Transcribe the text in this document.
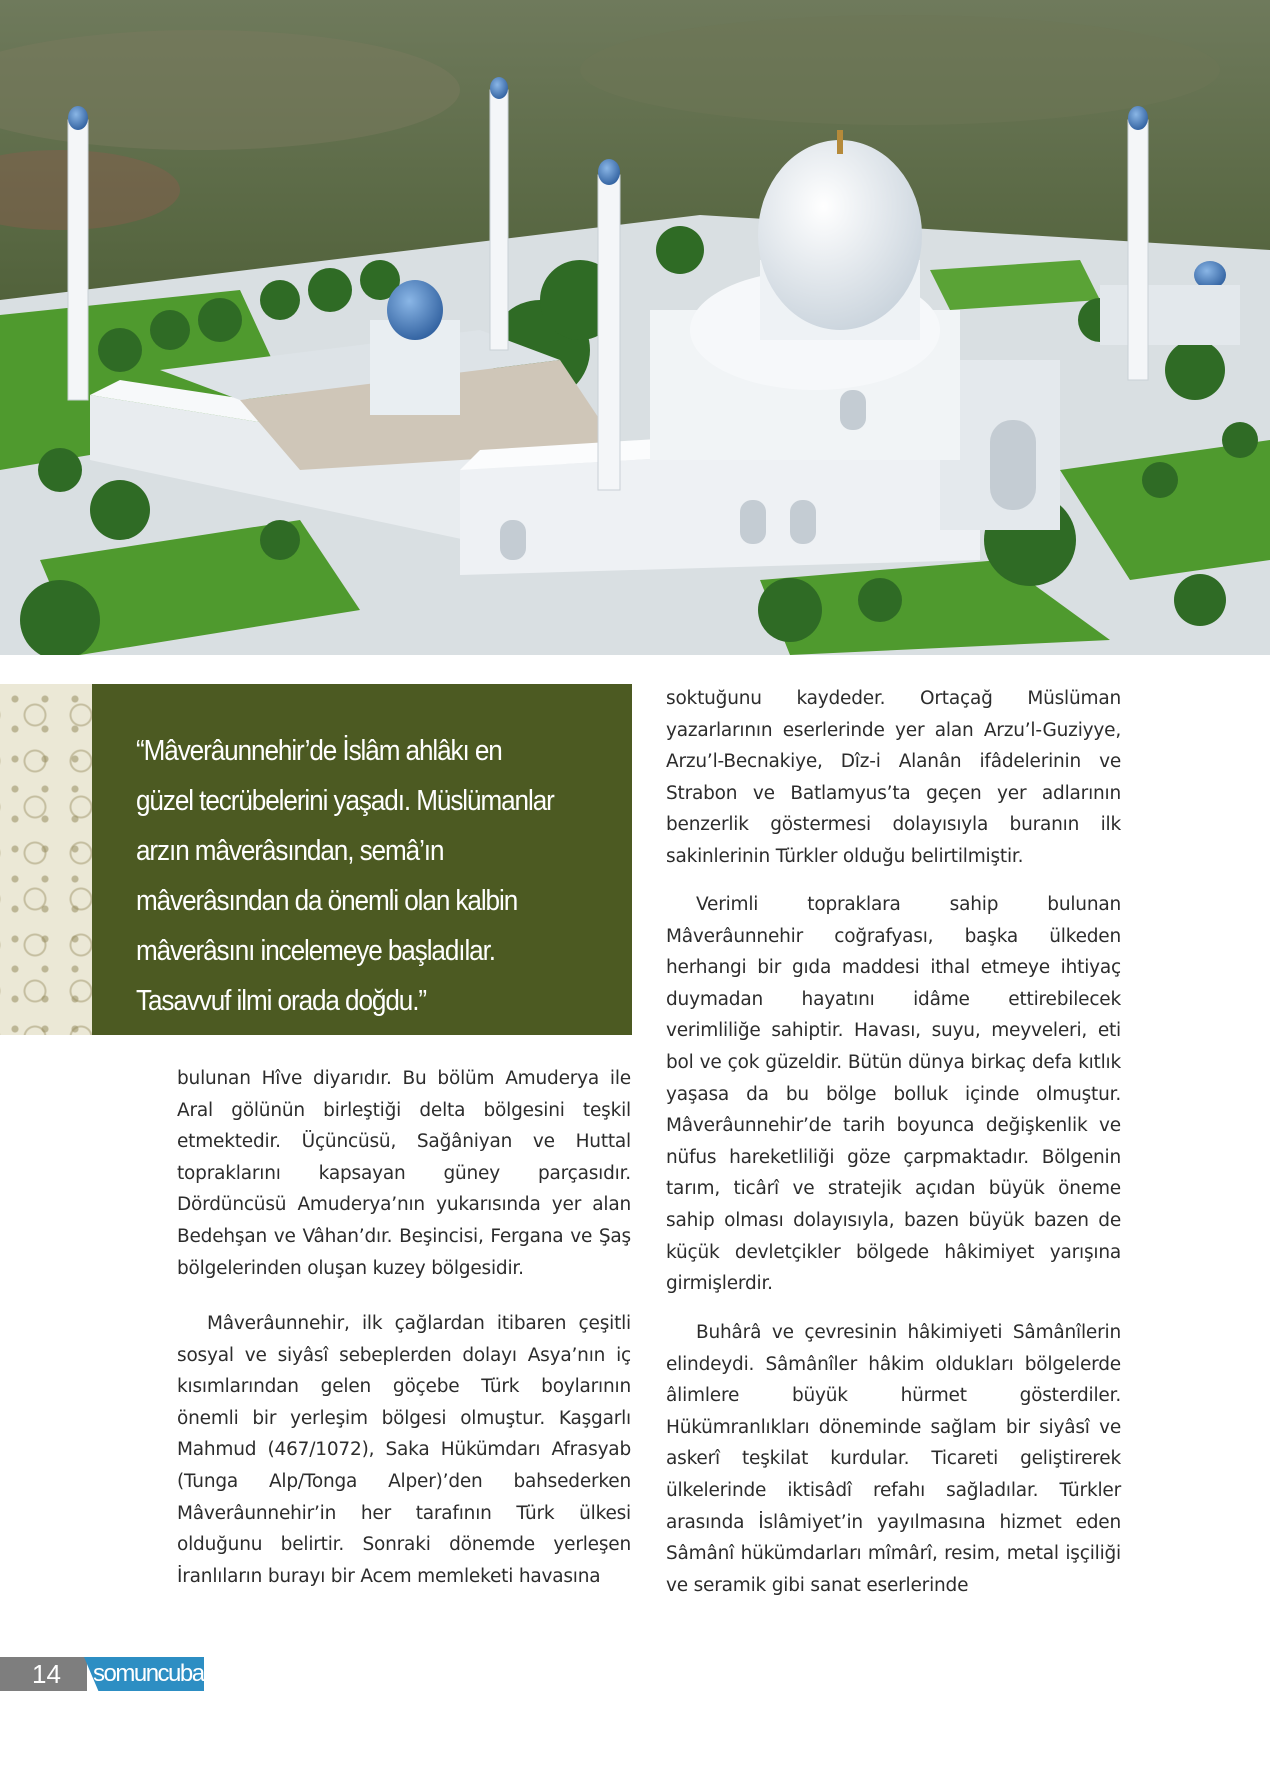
“Mâverâunnehir’de İslâm ahlâkı en güzel tecrübelerini yaşadı. Müslümanlar arzın mâverâsından, semâ’ın mâverâsından da önemli olan kalbin mâverâsını incelemeye başladılar. Tasavvuf ilmi orada doğdu.”

bulunan Hîve diyarıdır. Bu bölüm Amuderya ile Aral gölünün birleştiği delta bölgesini teşkil etmektedir. Üçüncüsü, Sağâniyan ve Huttal topraklarını kapsayan güney parçasıdır. Dördüncüsü Amuderya’nın yukarısında yer alan Bedehşan ve Vâhan’dır. Beşincisi, Fergana ve Şaş bölgelerinden oluşan kuzey bölgesidir.

Mâverâunnehir, ilk çağlardan itibaren çeşitli sosyal ve siyâsî sebeplerden dolayı Asya’nın iç kısımlarından gelen göçebe Türk boylarının önemli bir yerleşim bölgesi olmuştur. Kaşgarlı Mahmud (467/1072), Saka Hükümdarı Afrasyab (Tunga Alp/Tonga Alper)’den bahsederken Mâverâunnehir’in her tarafının Türk ülkesi olduğunu belirtir. Sonraki dönemde yerleşen İranlıların burayı bir Acem memleketi havasına

soktuğunu kaydeder. Ortaçağ Müslüman yazarlarının eserlerinde yer alan Arzu’l-Guziyye, Arzu’l-Becnakiye, Dîz-i Alanân ifâdelerinin ve Strabon ve Batlamyus’ta geçen yer adlarının benzerlik göstermesi dolayısıyla buranın ilk sakinlerinin Türkler olduğu belirtilmiştir.

Verimli topraklara sahip bulunan Mâverâunnehir coğrafyası, başka ülkeden herhangi bir gıda maddesi ithal etmeye ihtiyaç duymadan hayatını idâme ettirebilecek verimliliğe sahiptir. Havası, suyu, meyveleri, eti bol ve çok güzeldir. Bütün dünya birkaç defa kıtlık yaşasa da bu bölge bolluk içinde olmuştur. Mâverâunnehir’de tarih boyunca değişkenlik ve nüfus hareketliliği göze çarpmaktadır. Bölgenin tarım, ticârî ve stratejik açıdan büyük öneme sahip olması dolayısıyla, bazen büyük bazen de küçük devletçikler bölgede hâkimiyet yarışına girmişlerdir.

Buhârâ ve çevresinin hâkimiyeti Sâmânîlerin elindeydi. Sâmânîler hâkim oldukları bölgelerde âlimlere büyük hürmet gösterdiler. Hükümranlıkları döneminde sağlam bir siyâsî ve askerî teşkilat kurdular. Ticareti geliştirerek ülkelerinde iktisâdî refahı sağladılar. Türkler arasında İslâmiyet’in yayılmasına hizmet eden Sâmânî hükümdarları mîmârî, resim, metal işçiliği ve seramik gibi sanat eserlerinde

14 somuncubaba
